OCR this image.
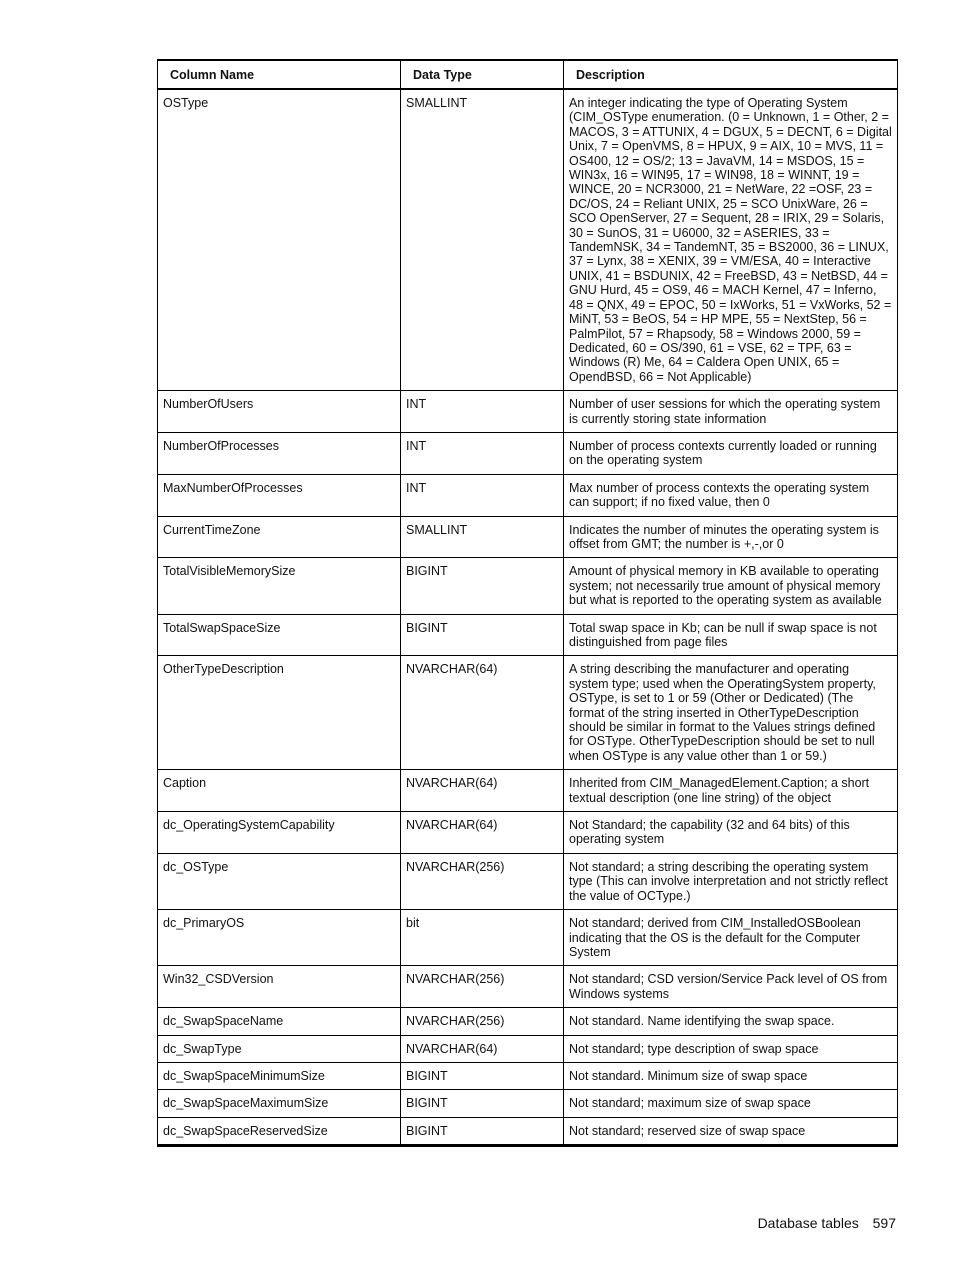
Column Name	Data Type	Description
OSType	SMALLINT	An integer indicating the type of Operating System (CIM_OSType enumeration. (0 = Unknown, 1 = Other, 2 = MACOS, 3 = ATTUNIX, 4 = DGUX, 5 = DECNT, 6 = Digital Unix, 7 = OpenVMS, 8 = HPUX, 9 = AIX, 10 = MVS, 11 = OS400, 12 = OS/2; 13 = JavaVM, 14 = MSDOS, 15 = WIN3x, 16 = WIN95, 17 = WIN98, 18 = WINNT, 19 = WINCE, 20 = NCR3000, 21 = NetWare, 22 =OSF, 23 = DC/OS, 24 = Reliant UNIX, 25 = SCO UnixWare, 26 = SCO OpenServer, 27 = Sequent, 28 = IRIX, 29 = Solaris, 30 = SunOS, 31 = U6000, 32 = ASERIES, 33 = TandemNSK, 34 = TandemNT, 35 = BS2000, 36 = LINUX, 37 = Lynx, 38 = XENIX, 39 = VM/ESA, 40 = Interactive UNIX, 41 = BSDUNIX, 42 = FreeBSD, 43 = NetBSD, 44 = GNU Hurd, 45 = OS9, 46 = MACH Kernel, 47 = Inferno, 48 = QNX, 49 = EPOC, 50 = IxWorks, 51 = VxWorks, 52 = MiNT, 53 = BeOS, 54 = HP MPE, 55 = NextStep, 56 = PalmPilot, 57 = Rhapsody, 58 = Windows 2000, 59 = Dedicated, 60 = OS/390, 61 = VSE, 62 = TPF, 63 = Windows (R) Me, 64 = Caldera Open UNIX, 65 = OpendBSD, 66 = Not Applicable)
NumberOfUsers	INT	Number of user sessions for which the operating system is currently storing state information
NumberOfProcesses	INT	Number of process contexts currently loaded or running on the operating system
MaxNumberOfProcesses	INT	Max number of process contexts the operating system can support; if no fixed value, then 0
CurrentTimeZone	SMALLINT	Indicates the number of minutes the operating system is offset from GMT; the number is +,-,or 0
TotalVisibleMemorySize	BIGINT	Amount of physical memory in KB available to operating system; not necessarily true amount of physical memory but what is reported to the operating system as available
TotalSwapSpaceSize	BIGINT	Total swap space in Kb; can be null if swap space is not distinguished from page files
OtherTypeDescription	NVARCHAR(64)	A string describing the manufacturer and operating system type; used when the OperatingSystem property, OSType, is set to 1 or 59 (Other or Dedicated) (The format of the string inserted in OtherTypeDescription should be similar in format to the Values strings defined for OSType. OtherTypeDescription should be set to null when OSType is any value other than 1 or 59.)
Caption	NVARCHAR(64)	Inherited from CIM_ManagedElement.Caption; a short textual description (one line string) of the object
dc_OperatingSystemCapability	NVARCHAR(64)	Not Standard; the capability (32 and 64 bits) of this operating system
dc_OSType	NVARCHAR(256)	Not standard; a string describing the operating system type (This can involve interpretation and not strictly reflect the value of OCType.)
dc_PrimaryOS	bit	Not standard; derived from CIM_InstalledOSBoolean indicating that the OS is the default for the Computer System
Win32_CSDVersion	NVARCHAR(256)	Not standard; CSD version/Service Pack level of OS from Windows systems
dc_SwapSpaceName	NVARCHAR(256)	Not standard. Name identifying the swap space.
dc_SwapType	NVARCHAR(64)	Not standard; type description of swap space
dc_SwapSpaceMinimumSize	BIGINT	Not standard. Minimum size of swap space
dc_SwapSpaceMaximumSize	BIGINT	Not standard; maximum size of swap space
dc_SwapSpaceReservedSize	BIGINT	Not standard; reserved size of swap space
Database tables 597
